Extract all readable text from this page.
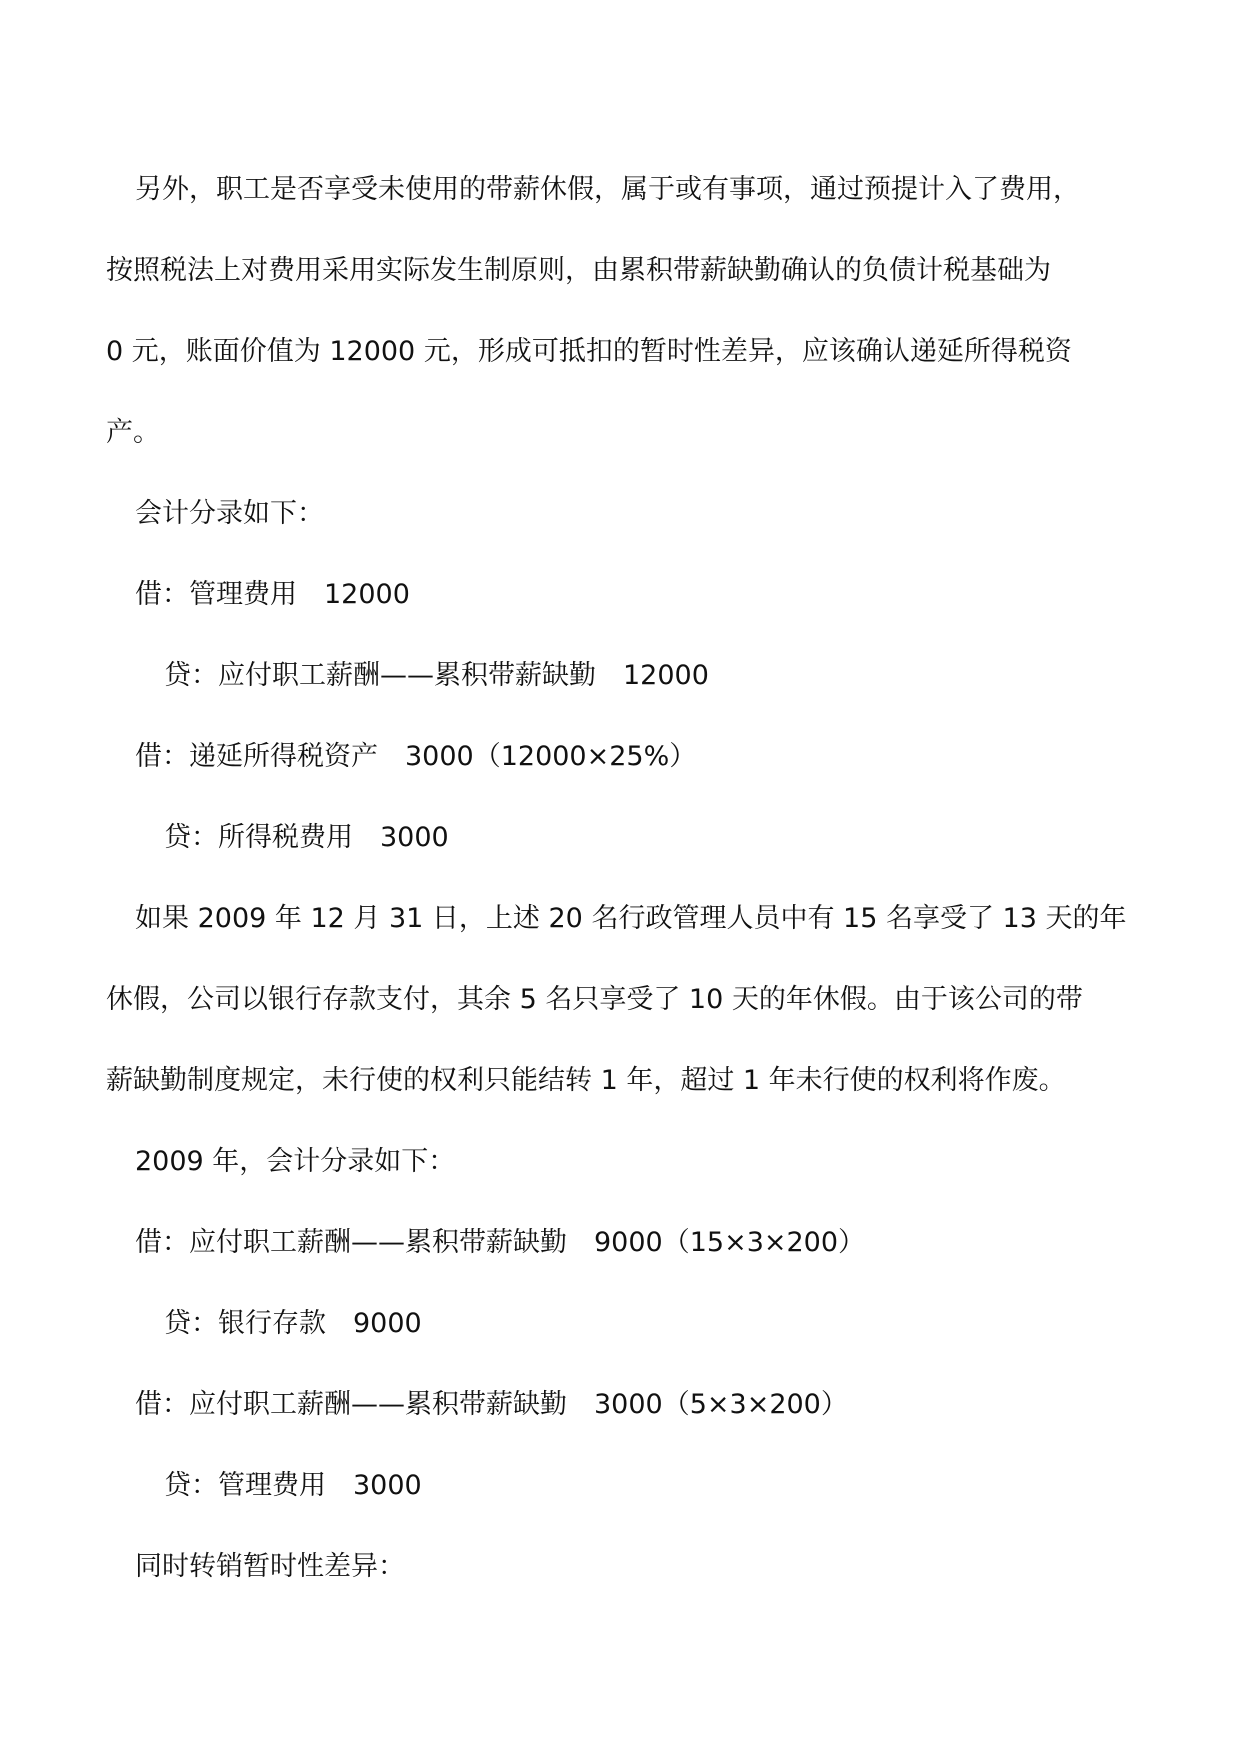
另外，职工是否享受未使用的带薪休假，属于或有事项，通过预提计入了费用，
按照税法上对费用采用实际发生制原则，由累积带薪缺勤确认的负债计税基础为
0 元，账面价值为 12000 元，形成可抵扣的暂时性差异，应该确认递延所得税资
产。
会计分录如下：
借：管理费用　12000
贷：应付职工薪酬——累积带薪缺勤　12000
借：递延所得税资产　3000（12000×25%）
贷：所得税费用　3000
如果 2009 年 12 月 31 日，上述 20 名行政管理人员中有 15 名享受了 13 天的年
休假，公司以银行存款支付，其余 5 名只享受了 10 天的年休假。由于该公司的带
薪缺勤制度规定，未行使的权利只能结转 1 年，超过 1 年未行使的权利将作废。
2009 年，会计分录如下：
借：应付职工薪酬——累积带薪缺勤　9000（15×3×200）
贷：银行存款　9000
借：应付职工薪酬——累积带薪缺勤　3000（5×3×200）
贷：管理费用　3000
同时转销暂时性差异：
